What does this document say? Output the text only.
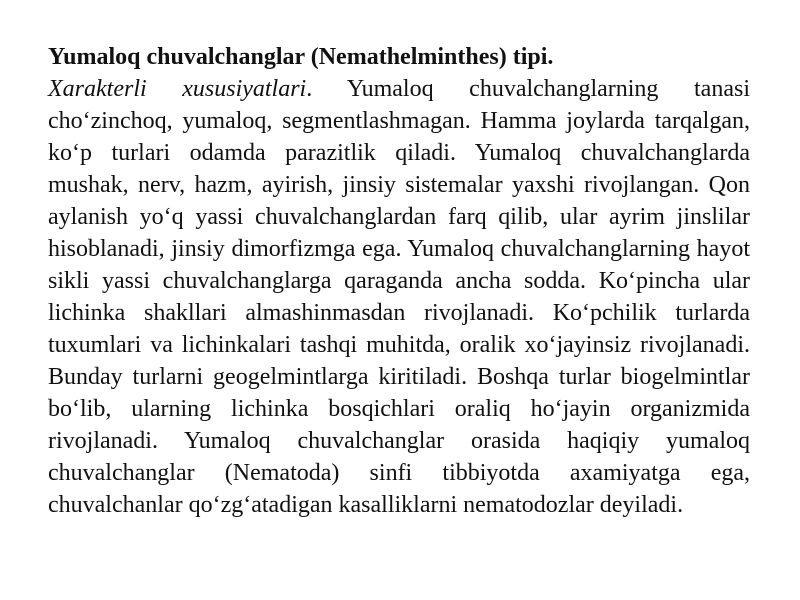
Yumaloq chuvalchanglar (Nemathelminthes) tipi.

Xarakterli xususiyatlari. Yumaloq chuvalchanglarning tanasi cho‘zinchoq, yumaloq, segmentlashmagan. Hamma joylarda tarqalgan, ko‘p turlari odamda parazitlik qiladi. Yumaloq chuvalchanglarda mushak, nerv, hazm, ayirish, jinsiy sistemalar yaxshi rivojlangan. Qon aylanish yo‘q yassi chuvalchanglardan farq qilib, ular ayrim jinslilar hisoblanadi, jinsiy dimorfizmga ega. Yumaloq chuvalchanglarning hayot sikli yassi chuvalchanglarga qaraganda ancha sodda. Ko‘pincha ular lichinka shakllari almashinmasdan rivojlanadi. Ko‘pchilik turlarda tuxumlari va lichinkalari tashqi muhitda, oralik xo‘jayinsiz rivojlanadi. Bunday turlarni geogelmintlarga kiritiladi. Boshqa turlar biogelmintlar bo‘lib, ularning lichinka bosqichlari oraliq ho‘jayin organizmida rivojlanadi. Yumaloq chuvalchanglar orasida haqiqiy yumaloq chuvalchanglar (Nematoda) sinfi tibbiyotda axamiyatga ega, chuvalchanlar qo‘zg‘atadigan kasalliklarni nematodozlar deyiladi.
